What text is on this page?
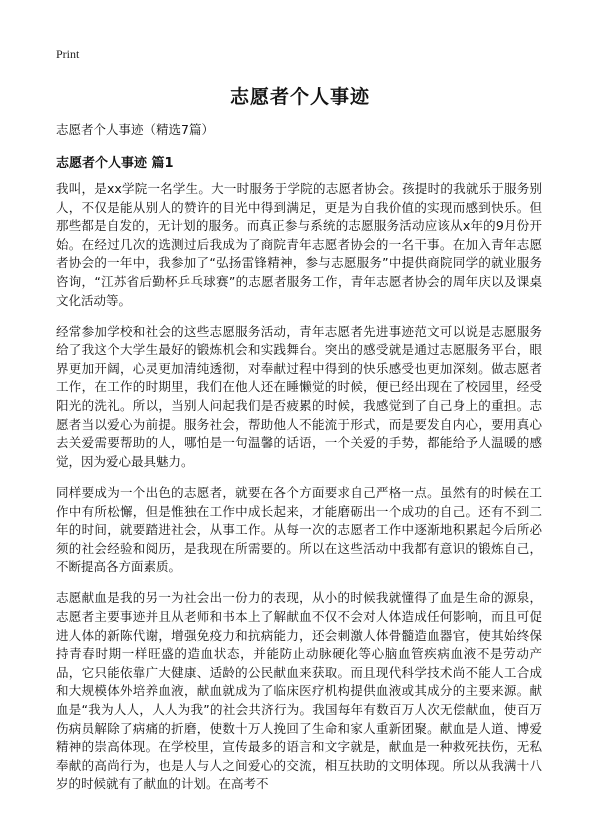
Print
志愿者个人事迹
志愿者个人事迹（精选7篇）
志愿者个人事迹 篇1

我叫，是xx学院一名学生。大一时服务于学院的志愿者协会。孩提时的我就乐于服务别人，不仅是能从别人的赞许的目光中得到满足，更是为自我价值的实现而感到快乐。但那些都是自发的，无计划的服务。而真正参与系统的志愿服务活动应该从x年的9月份开始。在经过几次的选测过后我成为了商院青年志愿者协会的一名干事。在加入青年志愿者协会的一年中，我参加了“弘扬雷锋精神，参与志愿服务”中提供商院同学的就业服务咨询，“江苏省后勤杯乒乓球赛”的志愿者服务工作，青年志愿者协会的周年庆以及课桌文化活动等。

经常参加学校和社会的这些志愿服务活动，青年志愿者先进事迹范文可以说是志愿服务给了我这个大学生最好的锻炼机会和实践舞台。突出的感受就是通过志愿服务平台，眼界更加开阔，心灵更加清纯透彻，对奉献过程中得到的快乐感受也更加深刻。做志愿者工作，在工作的时期里，我们在他人还在睡懒觉的时候，便已经出现在了校园里，经受阳光的洗礼。所以，当别人问起我们是否疲累的时候，我感觉到了自己身上的重担。志愿者当以爱心为前提。服务社会，帮助他人不能流于形式，而是要发自内心，要用真心去关爱需要帮助的人，哪怕是一句温馨的话语，一个关爱的手势，都能给予人温暖的感觉，因为爱心最具魅力。

同样要成为一个出色的志愿者，就要在各个方面要求自己严格一点。虽然有的时候在工作中有所松懈，但是惟独在工作中成长起来，才能磨砺出一个成功的自己。还有不到二年的时间，就要踏进社会，从事工作。从每一次的志愿者工作中逐渐地积累起今后所必须的社会经验和阅历，是我现在所需要的。所以在这些活动中我都有意识的锻炼自己，不断提高各方面素质。

志愿献血是我的另一为社会出一份力的表现，从小的时候我就懂得了血是生命的源泉，志愿者主要事迹并且从老师和书本上了解献血不仅不会对人体造成任何影响，而且可促进人体的新陈代谢，增强免疫力和抗病能力，还会刺激人体骨髓造血器官，使其始终保持青春时期一样旺盛的造血状态，并能防止动脉硬化等心脑血管疾病血液不是劳动产品，它只能依靠广大健康、适龄的公民献血来获取。而且现代科学技术尚不能人工合成和大规模体外培养血液，献血就成为了临床医疗机构提供血液或其成分的主要来源。献血是“我为人人，人人为我”的社会共济行为。我国每年有数百万人次无偿献血，使百万伤病员解除了病痛的折磨，使数十万人挽回了生命和家人重新团聚。献血是人道、博爱精神的崇高体现。在学校里，宣传最多的语言和文字就是，献血是一种救死扶伤，无私奉献的高尚行为，也是人与人之间爱心的交流，相互扶助的文明体现。所以从我满十八岁的时候就有了献血的计划。在高考不
